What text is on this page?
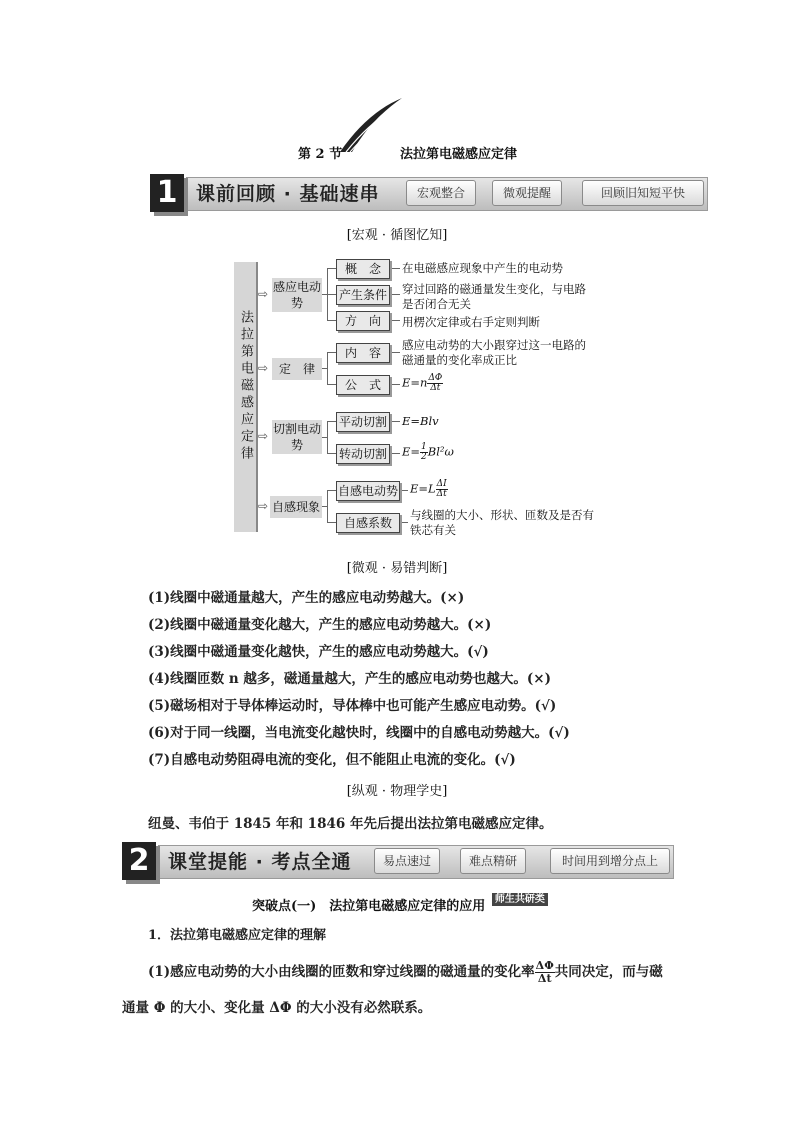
第 2 节	法拉第电磁感应定律
1 课前回顾 · 基础速串	宏观整合	微观提醒	回顾旧知短平快
[宏观 · 循图忆知]
法拉第电磁感应定律
⇨
⇨
⇨
⇨
感应电动势
概　念
产生条件
方　向
在电磁感应现象中产生的电动势
穿过回路的磁通量发生变化，与电路是否闭合无关
用楞次定律或右手定则判断
定　律
内　容
公　式
感应电动势的大小跟穿过这一电路的磁通量的变化率成正比
$E=n \frac{\Delta\Phi}{\Delta t}$
切割电动势
平动切割
转动切割
E=Blv
$E= \frac{1}{2} Bl^2\omega$
自感现象
自感电动势
自感系数
$E=L \frac{\Delta I}{\Delta t}$
与线圈的大小、形状、匝数及是否有铁芯有关
[微观 · 易错判断]
(1)线圈中磁通量越大，产生的感应电动势越大。(×)
(2)线圈中磁通量变化越大，产生的感应电动势越大。(×)
(3)线圈中磁通量变化越快，产生的感应电动势越大。(√)
(4)线圈匝数 n 越多，磁通量越大，产生的感应电动势也越大。(×)
(5)磁场相对于导体棒运动时，导体棒中也可能产生感应电动势。(√)
(6)对于同一线圈，当电流变化越快时，线圈中的自感电动势越大。(√)
(7)自感电动势阻碍电流的变化，但不能阻止电流的变化。(√)
[纵观 · 物理学史]
纽曼、韦伯于 1845 年和 1846 年先后提出法拉第电磁感应定律。
2 课堂提能 · 考点全通	易点速过	难点精研	时间用到增分点上
突破点(一)　法拉第电磁感应定律的应用 $^{师生共研类}$
1．法拉第电磁感应定律的理解
(1)感应电动势的大小由线圈的匝数和穿过线圈的磁通量的变化率 $\frac{\Delta\Phi}{\Delta t}$ 共同决定，而与磁
通量 Φ 的大小、变化量 ΔΦ 的大小没有必然联系。
